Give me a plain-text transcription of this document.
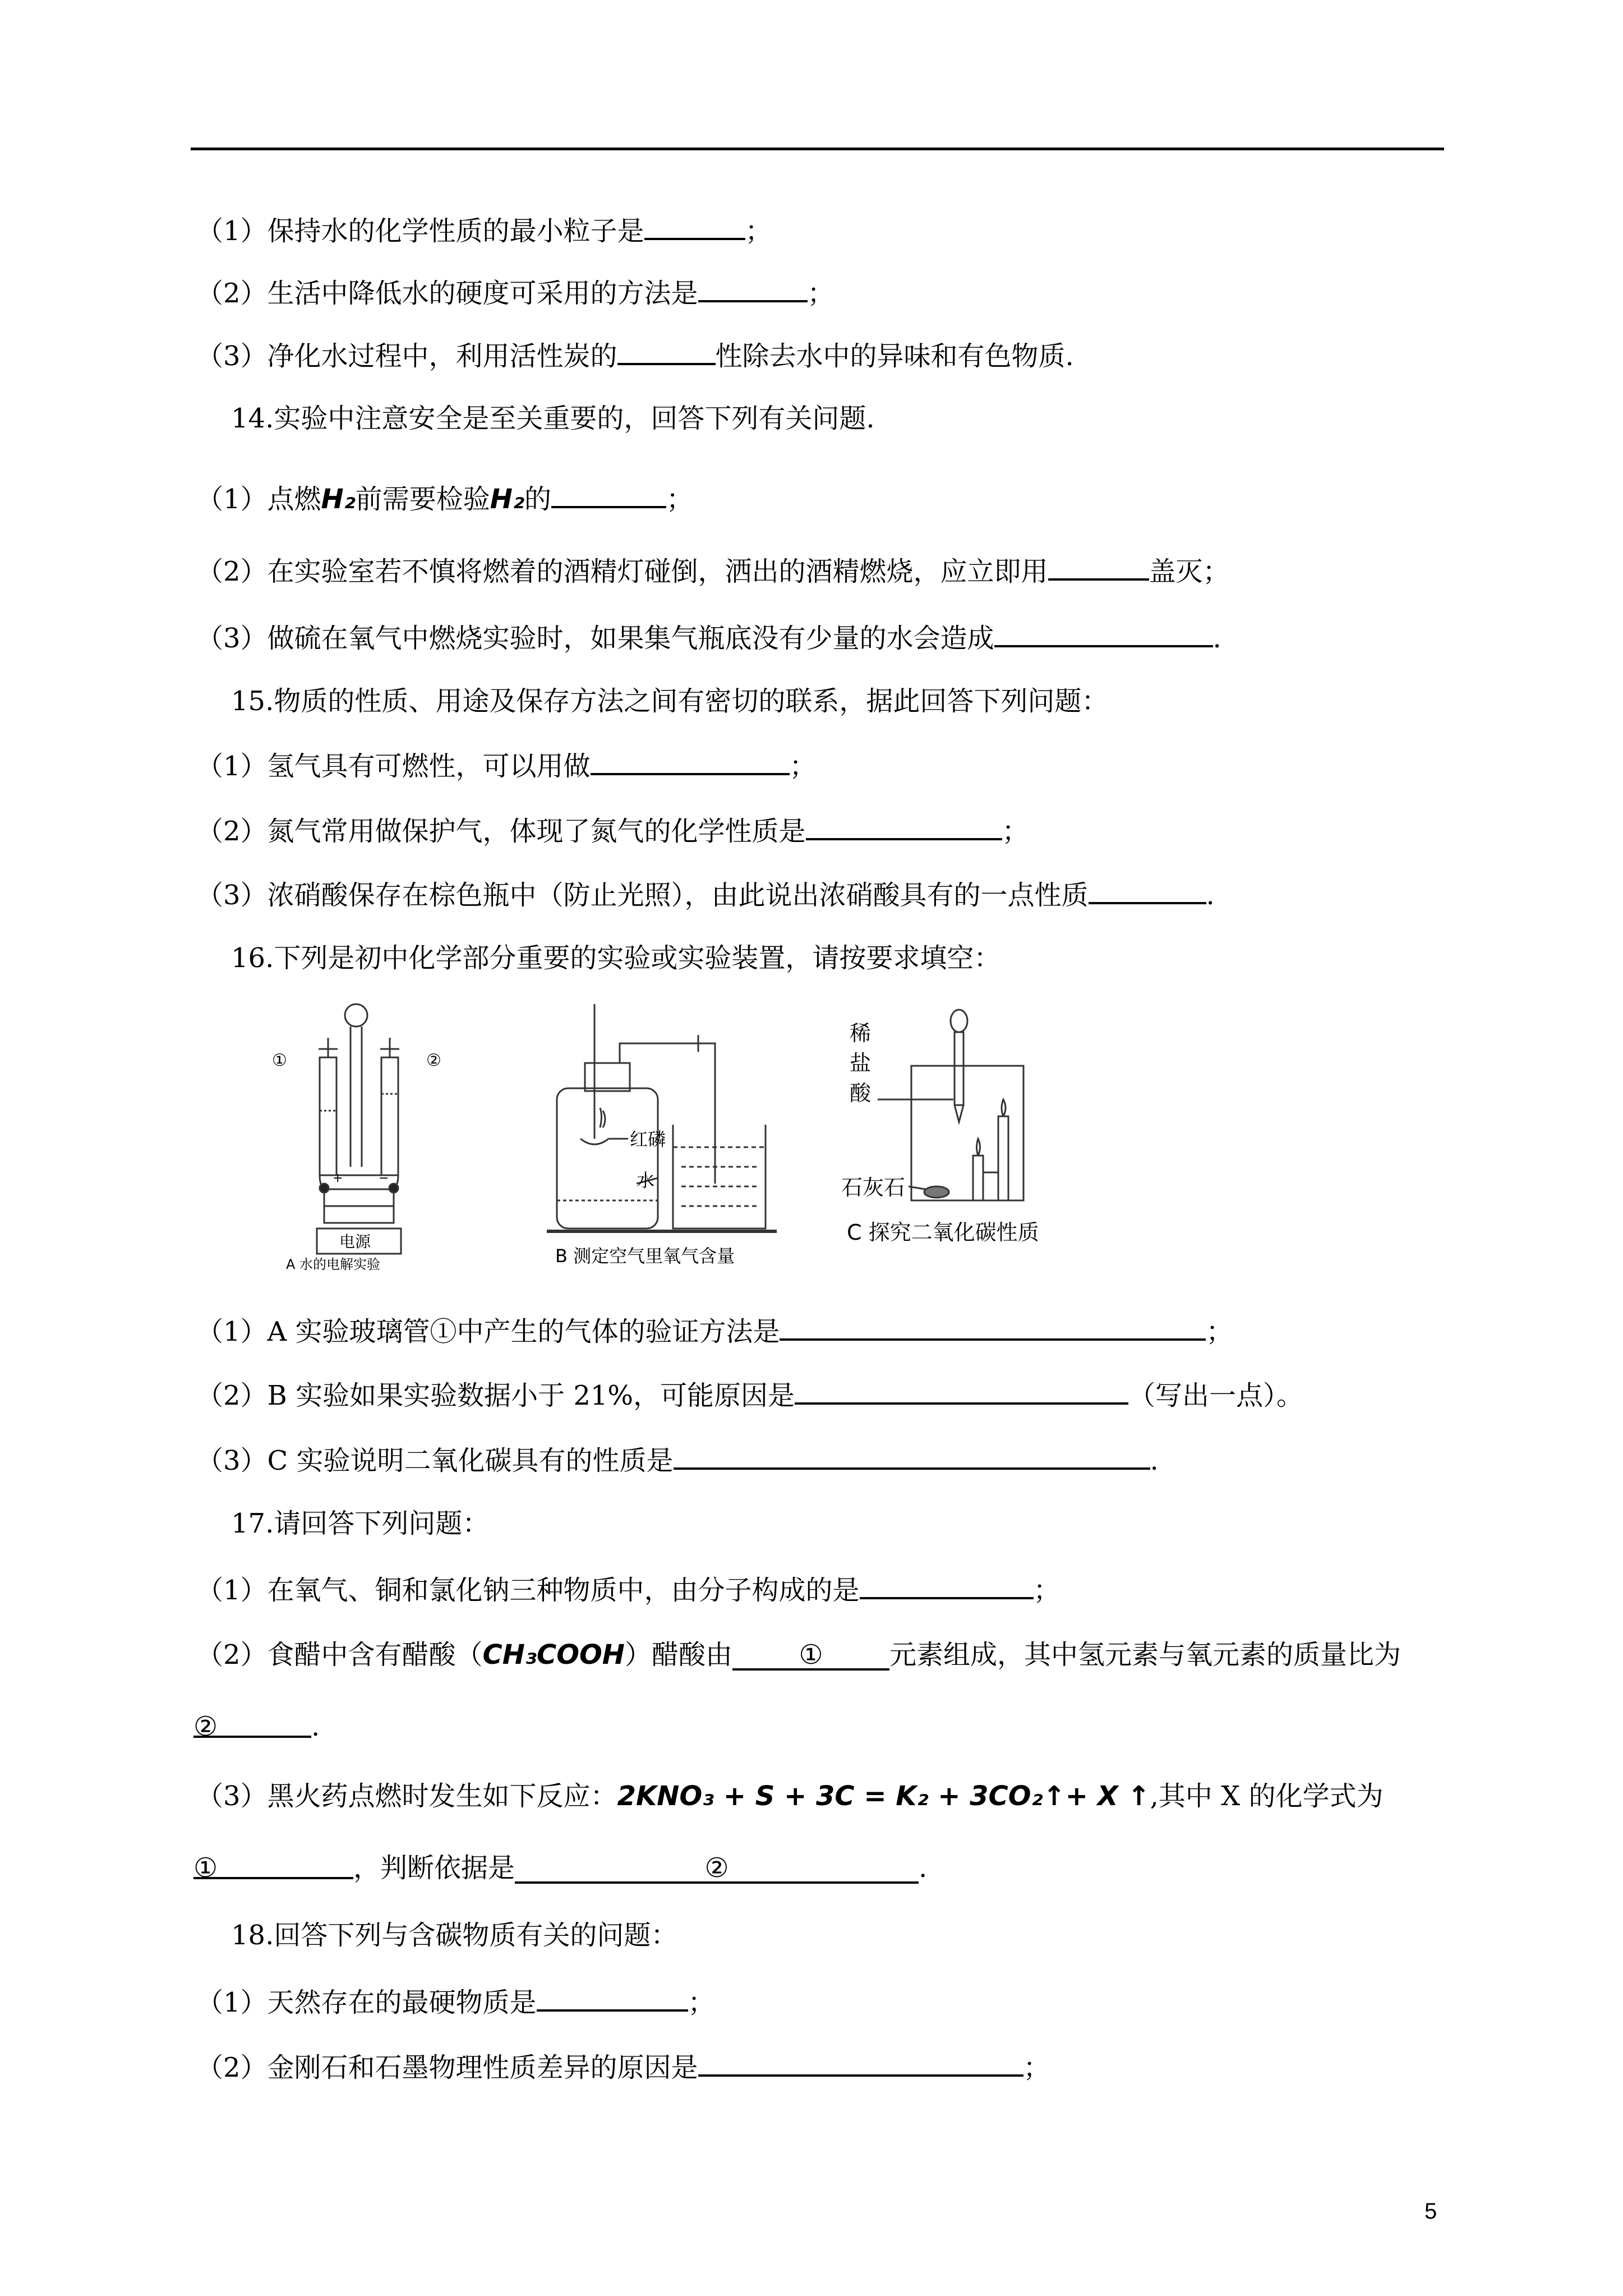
（1）保持水的化学性质的最小粒子是	；
（2）生活中降低水的硬度可采用的方法是	；
（3）净化水过程中，利用活性炭的	性除去水中的异味和有色物质.
14.实验中注意安全是至关重要的，回答下列有关问题.
（1）点燃H₂前需要检验H₂的	；
（2）在实验室若不慎将燃着的酒精灯碰倒，洒出的酒精燃烧，应立即用	盖灭；
（3）做硫在氧气中燃烧实验时，如果集气瓶底没有少量的水会造成	.
15.物质的性质、用途及保存方法之间有密切的联系，据此回答下列问题：
（1）氢气具有可燃性，可以用做	；
（2）氮气常用做保护气，体现了氮气的化学性质是	；
（3）浓硝酸保存在棕色瓶中（防止光照），由此说出浓硝酸具有的一点性质	.
16.下列是初中化学部分重要的实验或实验装置，请按要求填空：
+	−
①	②
电源
A 水的电解实验
红磷
水
B 测定空气里氧气含量
稀
盐
酸
石灰石
C 探究二氧化碳性质
（1）A 实验玻璃管①中产生的气体的验证方法是	；
（2）B 实验如果实验数据小于 21%，可能原因是	（写出一点）。
（3）C 实验说明二氧化碳具有的性质是	.
17.请回答下列问题：
（1）在氧气、铜和氯化钠三种物质中，由分子构成的是	；
（2）食醋中含有醋酸（CH₃COOH）醋酸由 ① 元素组成，其中氢元素与氧元素的质量比为
②	.
（3）黑火药点燃时发生如下反应：2KNO₃ + S + 3C = K₂ + 3CO₂↑+ X ↑,其中 X 的化学式为
①	，判断依据是	②	.
18.回答下列与含碳物质有关的问题：
（1）天然存在的最硬物质是	；
（2）金刚石和石墨物理性质差异的原因是	；
5
